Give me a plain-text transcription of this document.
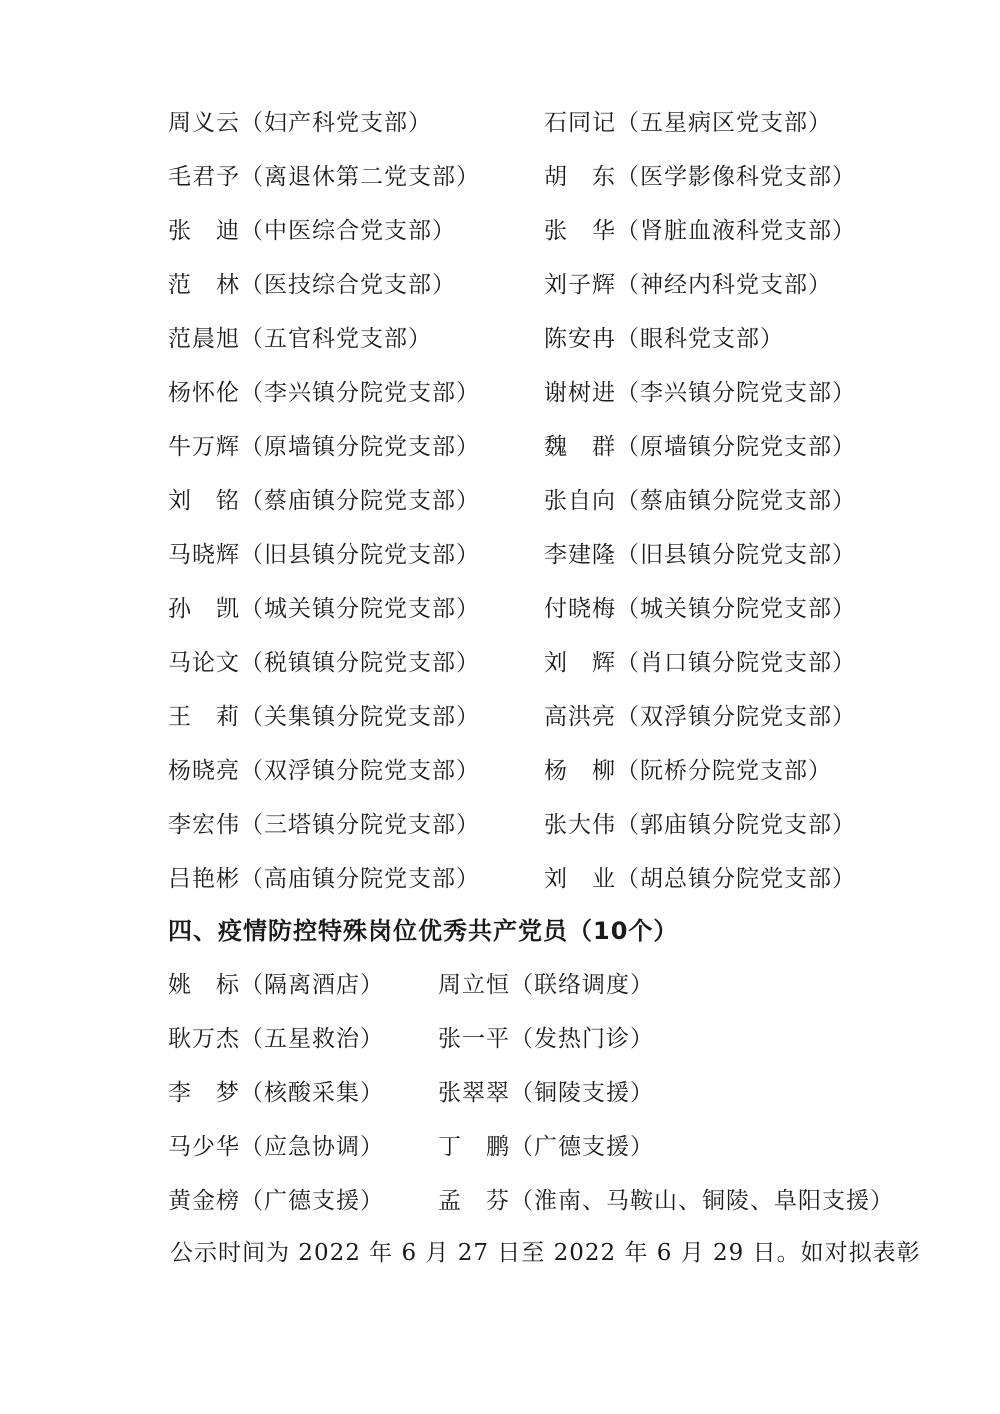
周义云（妇产科党支部）	石同记（五星病区党支部）
毛君予（离退休第二党支部）	胡　东（医学影像科党支部）
张　迪（中医综合党支部）	张　华（肾脏血液科党支部）
范　林（医技综合党支部）	刘子辉（神经内科党支部）
范晨旭（五官科党支部）	陈安冉（眼科党支部）
杨怀伦（李兴镇分院党支部）	谢树进（李兴镇分院党支部）
牛万辉（原墙镇分院党支部）	魏　群（原墙镇分院党支部）
刘　铭（蔡庙镇分院党支部）	张自向（蔡庙镇分院党支部）
马晓辉（旧县镇分院党支部）	李建隆（旧县镇分院党支部）
孙　凯（城关镇分院党支部）	付晓梅（城关镇分院党支部）
马论文（税镇镇分院党支部）	刘　辉（肖口镇分院党支部）
王　莉（关集镇分院党支部）	高洪亮（双浮镇分院党支部）
杨晓亮（双浮镇分院党支部）	杨　柳（阮桥分院党支部）
李宏伟（三塔镇分院党支部）	张大伟（郭庙镇分院党支部）
吕艳彬（高庙镇分院党支部）	刘　业（胡总镇分院党支部）
四、疫情防控特殊岗位优秀共产党员（10个）
姚　标（隔离酒店） 周立恒（联络调度）
耿万杰（五星救治） 张一平（发热门诊）
李　梦（核酸采集） 张翠翠（铜陵支援）
马少华（应急协调） 丁　鹏（广德支援）
黄金榜（广德支援） 孟　芬（淮南、马鞍山、铜陵、阜阳支援）
公示时间为 2022 年 6 月 27 日至 2022 年 6 月 29 日。如对拟表彰
